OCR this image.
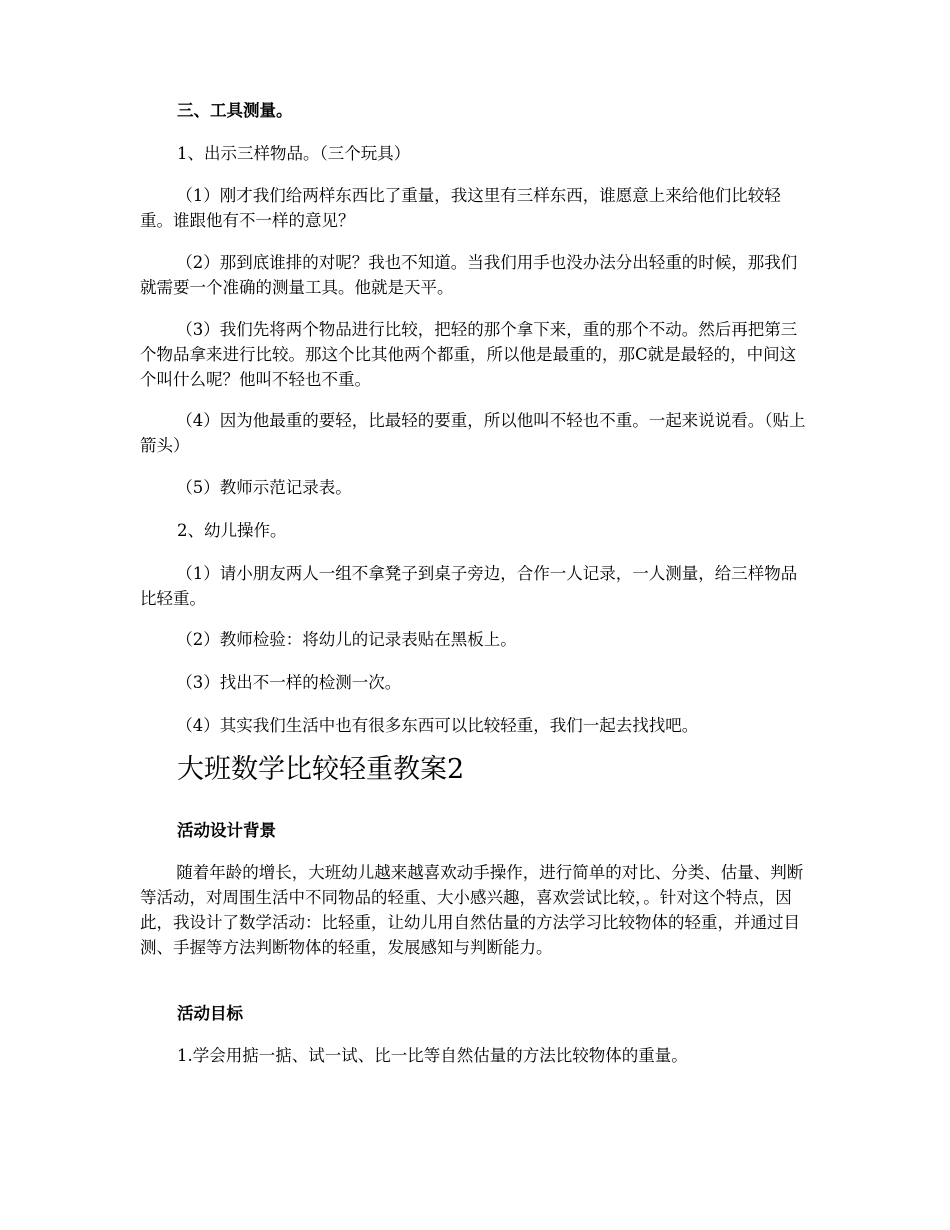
三、工具测量。
1、出示三样物品。（三个玩具）
（1）刚才我们给两样东西比了重量，我这里有三样东西，谁愿意上来给他们比较轻重。谁跟他有不一样的意见？
（2）那到底谁排的对呢？我也不知道。当我们用手也没办法分出轻重的时候，那我们就需要一个准确的测量工具。他就是天平。
（3）我们先将两个物品进行比较，把轻的那个拿下来，重的那个不动。然后再把第三个物品拿来进行比较。那这个比其他两个都重，所以他是最重的，那C就是最轻的，中间这个叫什么呢？他叫不轻也不重。
（4）因为他最重的要轻，比最轻的要重，所以他叫不轻也不重。一起来说说看。（贴上箭头）
（5）教师示范记录表。
2、幼儿操作。
（1）请小朋友两人一组不拿凳子到桌子旁边，合作一人记录，一人测量，给三样物品比轻重。
（2）教师检验：将幼儿的记录表贴在黑板上。
（3）找出不一样的检测一次。
（4）其实我们生活中也有很多东西可以比较轻重，我们一起去找找吧。
大班数学比较轻重教案2
活动设计背景
随着年龄的增长，大班幼儿越来越喜欢动手操作，进行简单的对比、分类、估量、判断等活动，对周围生活中不同物品的轻重、大小感兴趣，喜欢尝试比较，。针对这个特点，因此，我设计了数学活动：比轻重，让幼儿用自然估量的方法学习比较物体的轻重，并通过目测、手握等方法判断物体的轻重，发展感知与判断能力。
活动目标
1.学会用掂一掂、试一试、比一比等自然估量的方法比较物体的重量。
